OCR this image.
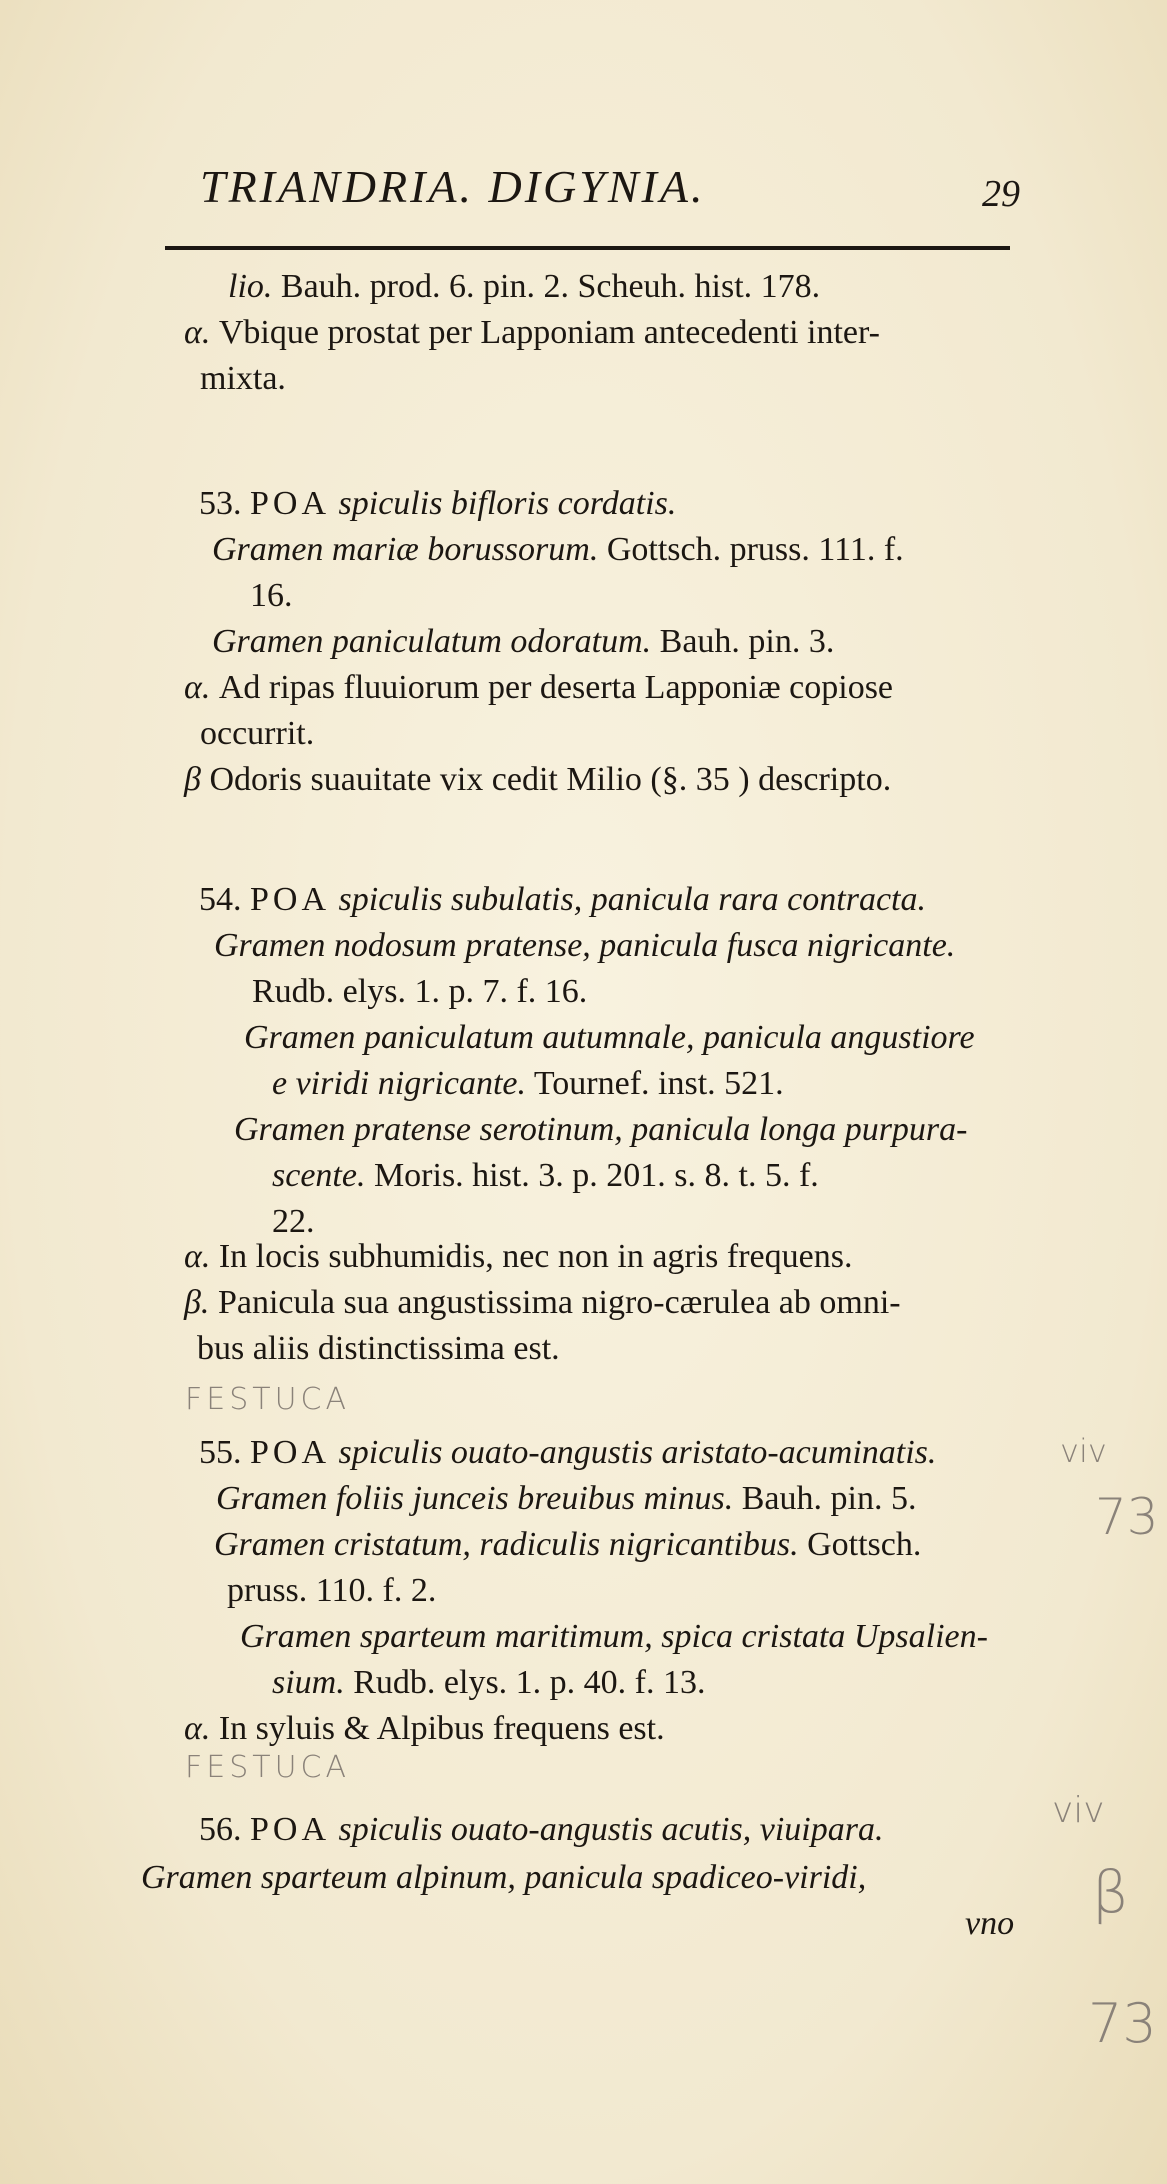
TRIANDRIA. DIGYNIA.	29
lio. Bauh. prod. 6. pin. 2. Scheuh. hist. 178.
α. Vbique prostat per Lapponiam antecedenti inter-
mixta.
53. POA spiculis bifloris cordatis.
Gramen mariæ borussorum. Gottsch. pruss. 111. f.
16.
Gramen paniculatum odoratum. Bauh. pin. 3.
α. Ad ripas fluuiorum per deserta Lapponiæ copiose
occurrit.
β Odoris suauitate vix cedit Milio (§. 35 ) descripto.
54. POA spiculis subulatis, panicula rara contracta.
Gramen nodosum pratense, panicula fusca nigricante.
Rudb. elys. 1. p. 7. f. 16.
Gramen paniculatum autumnale, panicula angustiore
e viridi nigricante. Tournef. inst. 521.
Gramen pratense serotinum, panicula longa purpura-
scente. Moris. hist. 3. p. 201. s. 8. t. 5. f.
22.
α. In locis subhumidis, nec non in agris frequens.
β. Panicula sua angustissima nigro-cærulea ab omni-
bus aliis distinctissima est.
55. POA spiculis ouato-angustis aristato-acuminatis.
Gramen foliis junceis breuibus minus. Bauh. pin. 5.
Gramen cristatum, radiculis nigricantibus. Gottsch.
pruss. 110. f. 2.
Gramen sparteum maritimum, spica cristata Upsalien-
sium. Rudb. elys. 1. p. 40. f. 13.
α. In syluis & Alpibus frequens est.
56. POA spiculis ouato-angustis acutis, viuipara.
Gramen sparteum alpinum, panicula spadiceo-viridi,
vno
FESTUCA
viv
73
FESTUCA
viv
β
73
